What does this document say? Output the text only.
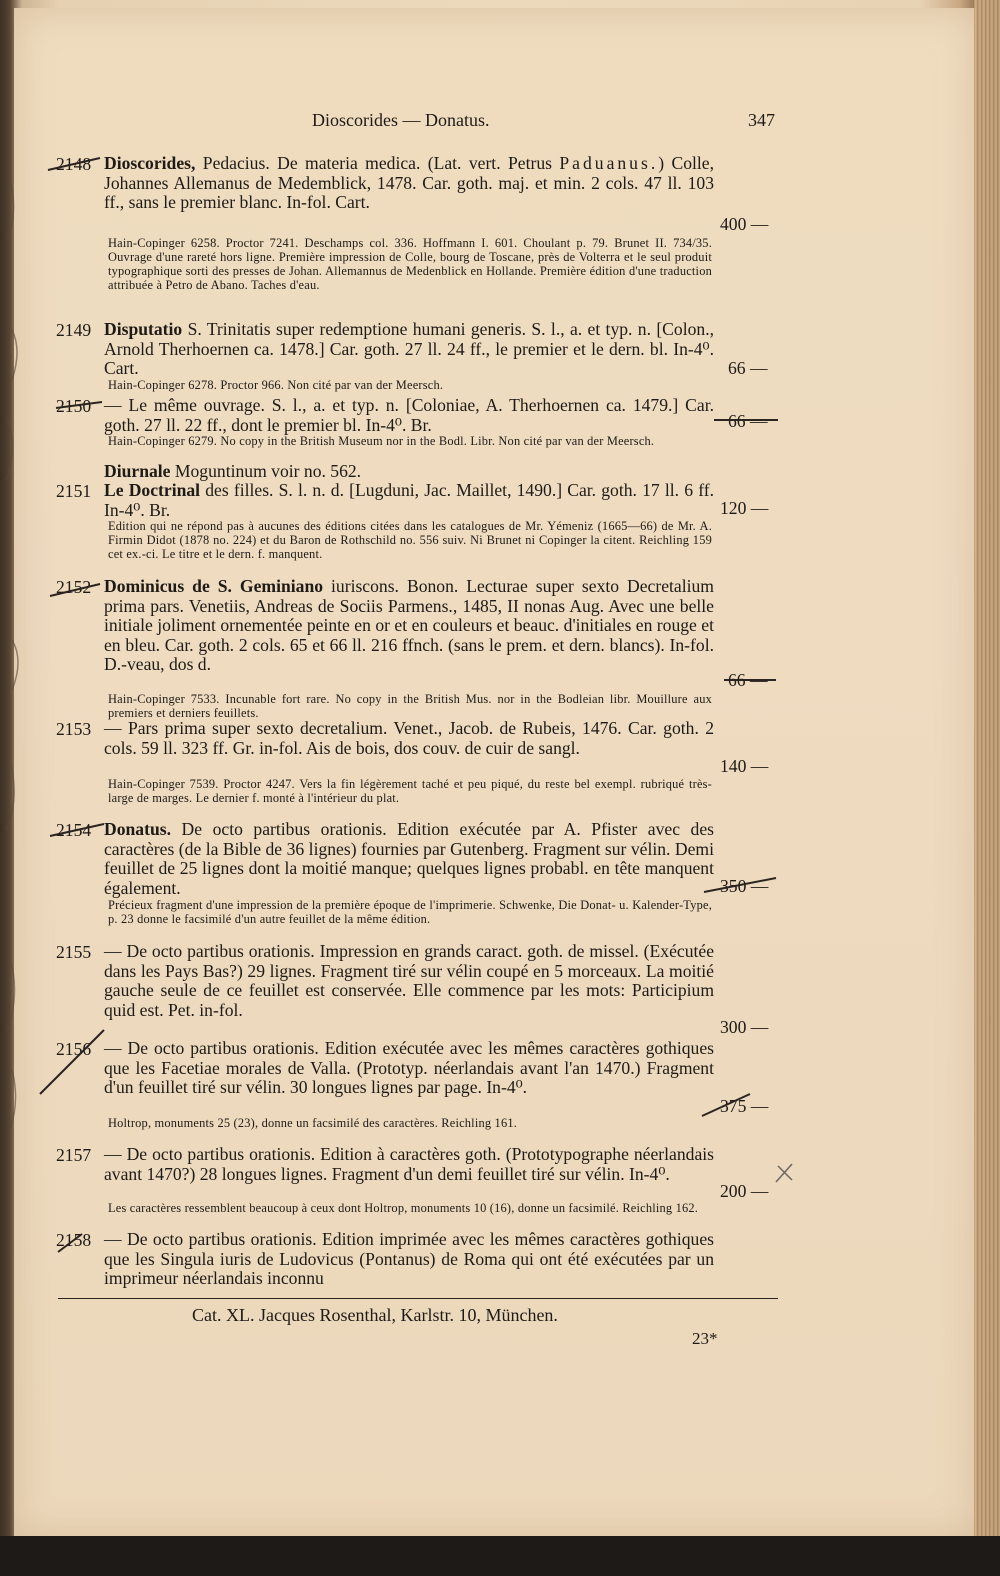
Dioscorides — Donatus.	347
2148 Dioscorides, Pedacius. De materia medica. (Lat. vert. Petrus Paduanus.) Colle, Johannes Allemanus de Medemblick, 1478. Car. goth. maj. et min. 2 cols. 47 ll. 103 ff., sans le premier blanc. In-fol. Cart.
Hain-Copinger 6258. Proctor 7241. Deschamps col. 336. Hoffmann I. 601. Choulant p. 79. Brunet II. 734/35. Ouvrage d'une rareté hors ligne. Première impression de Colle, bourg de Toscane, près de Volterra et le seul produit typographique sorti des presses de Johan. Allemannus de Medenblick en Hollande. Première édition d'une traduction attribuée à Petro de Abano. Taches d'eau.
400 —
2149 Disputatio S. Trinitatis super redemptione humani generis. S. l., a. et typ. n. [Colon., Arnold Therhoernen ca. 1478.] Car. goth. 27 ll. 24 ff., le premier et le dern. bl. In-4⁰. Cart.
Hain-Copinger 6278. Proctor 966. Non cité par van der Meersch.
66 —
2150 — Le même ouvrage. S. l., a. et typ. n. [Coloniae, A. Therhoernen ca. 1479.] Car. goth. 27 ll. 22 ff., dont le premier bl. In-4⁰. Br.
Hain-Copinger 6279. No copy in the British Museum nor in the Bodl. Libr. Non cité par van der Meersch.
66 —
Diurnale Moguntinum voir no. 562.
2151 Le Doctrinal des filles. S. l. n. d. [Lugduni, Jac. Maillet, 1490.] Car. goth. 17 ll. 6 ff. In-4⁰. Br.
Edition qui ne répond pas à aucunes des éditions citées dans les catalogues de Mr. Yémeniz (1665—66) de Mr. A. Firmin Didot (1878 no. 224) et du Baron de Rothschild no. 556 suiv. Ni Brunet ni Copinger la citent. Reichling 159 cet ex.-ci. Le titre et le dern. f. manquent.
120 —
2152 Dominicus de S. Geminiano iuriscons. Bonon. Lecturae super sexto Decretalium prima pars. Venetiis, Andreas de Sociis Parmens., 1485, II nonas Aug. Avec une belle initiale joliment ornementée peinte en or et en couleurs et beauc. d'initiales en rouge et en bleu. Car. goth. 2 cols. 65 et 66 ll. 216 ffnch. (sans le prem. et dern. blancs). In-fol. D.-veau, dos d.
Hain-Copinger 7533. Incunable fort rare. No copy in the British Mus. nor in the Bodleian libr. Mouillure aux premiers et derniers feuillets.
66 —
2153 — Pars prima super sexto decretalium. Venet., Jacob. de Rubeis, 1476. Car. goth. 2 cols. 59 ll. 323 ff. Gr. in-fol. Ais de bois, dos couv. de cuir de sangl.
Hain-Copinger 7539. Proctor 4247. Vers la fin légèrement taché et peu piqué, du reste bel exempl. rubriqué très-large de marges. Le dernier f. monté à l'intérieur du plat.
140 —
2154 Donatus. De octo partibus orationis. Edition exécutée par A. Pfister avec des caractères (de la Bible de 36 lignes) fournies par Gutenberg. Fragment sur vélin. Demi feuillet de 25 lignes dont la moitié manque; quelques lignes probabl. en tête manquent également.
Précieux fragment d'une impression de la première époque de l'imprimerie. Schwenke, Die Donat- u. Kalender-Type, p. 23 donne le facsimilé d'un autre feuillet de la même édition.
350 —
2155 — De octo partibus orationis. Impression en grands caract. goth. de missel. (Exécutée dans les Pays Bas?) 29 lignes. Fragment tiré sur vélin coupé en 5 morceaux. La moitié gauche seule de ce feuillet est conservée. Elle commence par les mots: Participium quid est. Pet. in-fol.
300 —
2156 — De octo partibus orationis. Edition exécutée avec les mêmes caractères gothiques que les Facetiae morales de Valla. (Prototyp. néerlandais avant l'an 1470.) Fragment d'un feuillet tiré sur vélin. 30 longues lignes par page. In-4⁰.
Holtrop, monuments 25 (23), donne un facsimilé des caractères. Reichling 161.
375 —
2157 — De octo partibus orationis. Edition à caractères goth. (Prototypographe néerlandais avant 1470?) 28 longues lignes. Fragment d'un demi feuillet tiré sur vélin. In-4⁰.
Les caractères ressemblent beaucoup à ceux dont Holtrop, monuments 10 (16), donne un facsimilé. Reichling 162.
200 —
2158 — De octo partibus orationis. Edition imprimée avec les mêmes caractères gothiques que les Singula iuris de Ludovicus (Pontanus) de Roma qui ont été exécutées par un imprimeur néerlandais inconnu
Cat. XL. Jacques Rosenthal, Karlstr. 10, München.
23*
